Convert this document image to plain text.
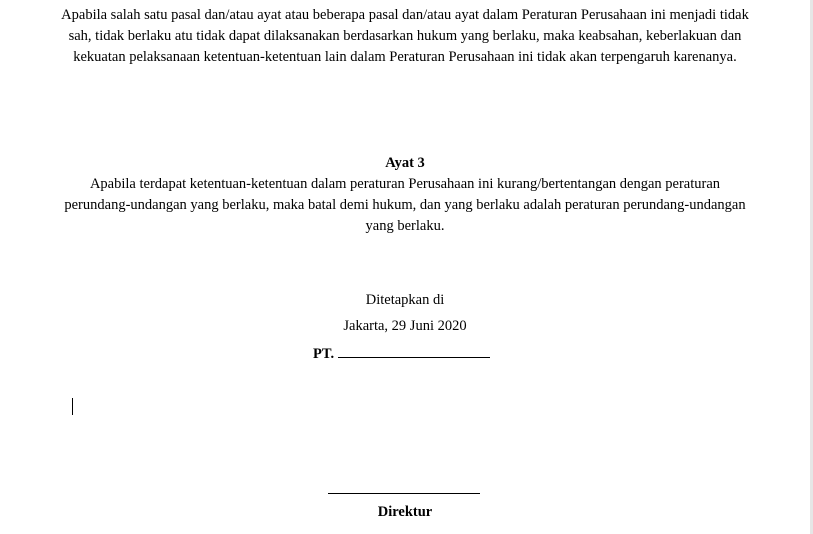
Apabila salah satu pasal dan/atau ayat atau beberapa pasal dan/atau ayat dalam Peraturan Perusahaan ini menjadi tidak sah, tidak berlaku atu tidak dapat dilaksanakan berdasarkan hukum yang berlaku, maka keabsahan, keberlakuan dan kekuatan pelaksanaan ketentuan-ketentuan lain dalam Peraturan Perusahaan ini tidak akan terpengaruh karenanya.

Ayat 3

Apabila terdapat ketentuan-ketentuan dalam peraturan Perusahaan ini kurang/bertentangan dengan peraturan perundang-undangan yang berlaku, maka batal demi hukum, dan yang berlaku adalah peraturan perundang-undangan yang berlaku.

Ditetapkan di

Jakarta, 29 Juni 2020

PT.

Direktur
